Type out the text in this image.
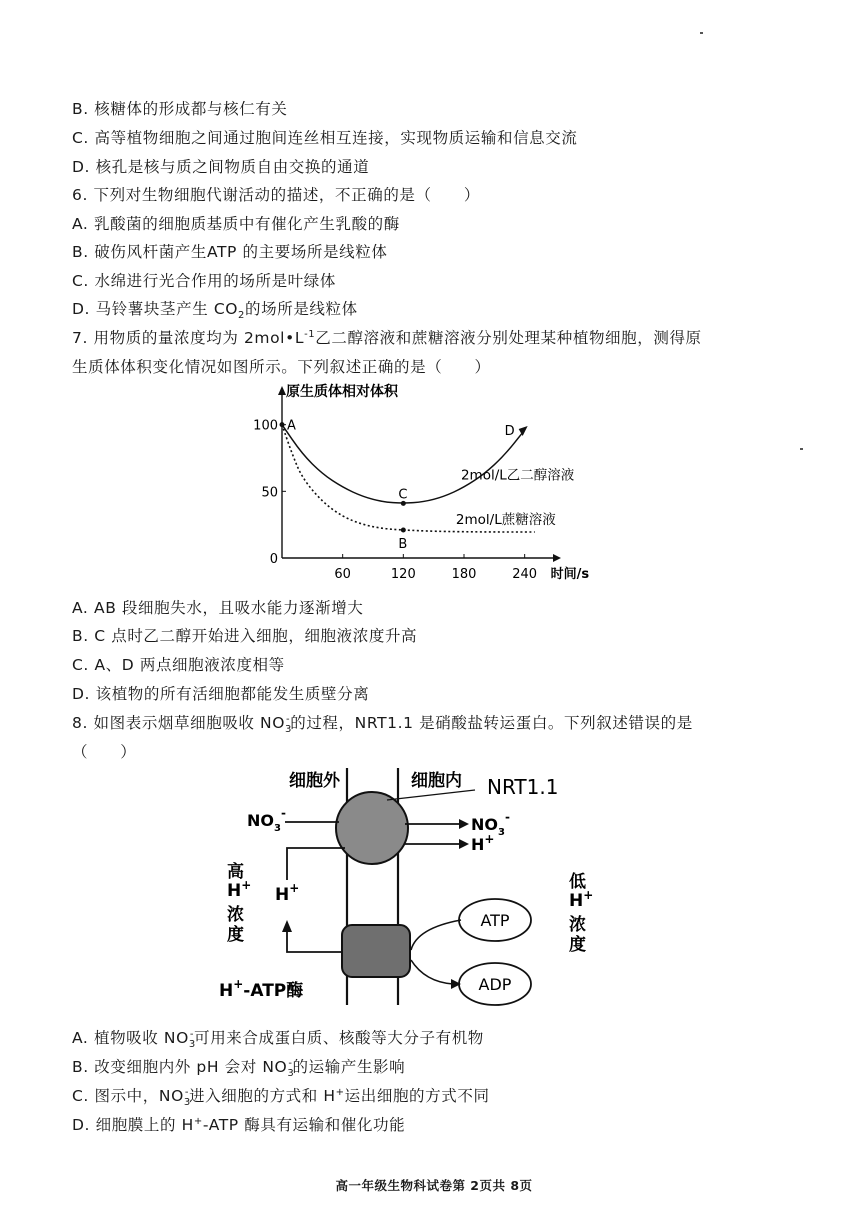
B. 核糖体的形成都与核仁有关
C. 高等植物细胞之间通过胞间连丝相互连接，实现物质运输和信息交流
D. 核孔是核与质之间物质自由交换的通道
6. 下列对生物细胞代谢活动的描述，不正确的是（　　）
A. 乳酸菌的细胞质基质中有催化产生乳酸的酶
B. 破伤风杆菌产生ATP 的主要场所是线粒体
C. 水绵进行光合作用的场所是叶绿体
D. 马铃薯块茎产生 $CO_2$的场所是线粒体
7. 用物质的量浓度均为 $2mol•L^{-1}$乙二醇溶液和蔗糖溶液分别处理某种植物细胞，测得原
生质体体积变化情况如图所示。下列叙述正确的是（　　）
原生质体相对体积
60	120	180	240 时间/s
100
50
0
2mol/L乙二醇溶液
2mol/L蔗糖溶液
A
C
B
D
A. AB 段细胞失水，且吸水能力逐渐增大
B. C 点时乙二醇开始进入细胞，细胞液浓度升高
C. A、D 两点细胞液浓度相等
D. 该植物的所有活细胞都能发生质壁分离
8. 如图表示烟草细胞吸收 $NO_3^-$的过程，NRT1.1 是硝酸盐转运蛋白。下列叙述错误的是
（　　）
细胞外	细胞内 NRT1.1
$NO_3^-$
$NO_3^-$
H+
H+
高 H+ 浓 度
低 H+ 浓 度
ATP
ADP
H+-ATP酶
A. 植物吸收 $NO_3^-$可用来合成蛋白质、核酸等大分子有机物
B. 改变细胞内外 pH 会对 $NO_3^-$的运输产生影响
C. 图示中，$NO_3^-$进入细胞的方式和 H+运出细胞的方式不同
D. 细胞膜上的 H+-ATP 酶具有运输和催化功能
高一年级生物科试卷第 2页共 8页
